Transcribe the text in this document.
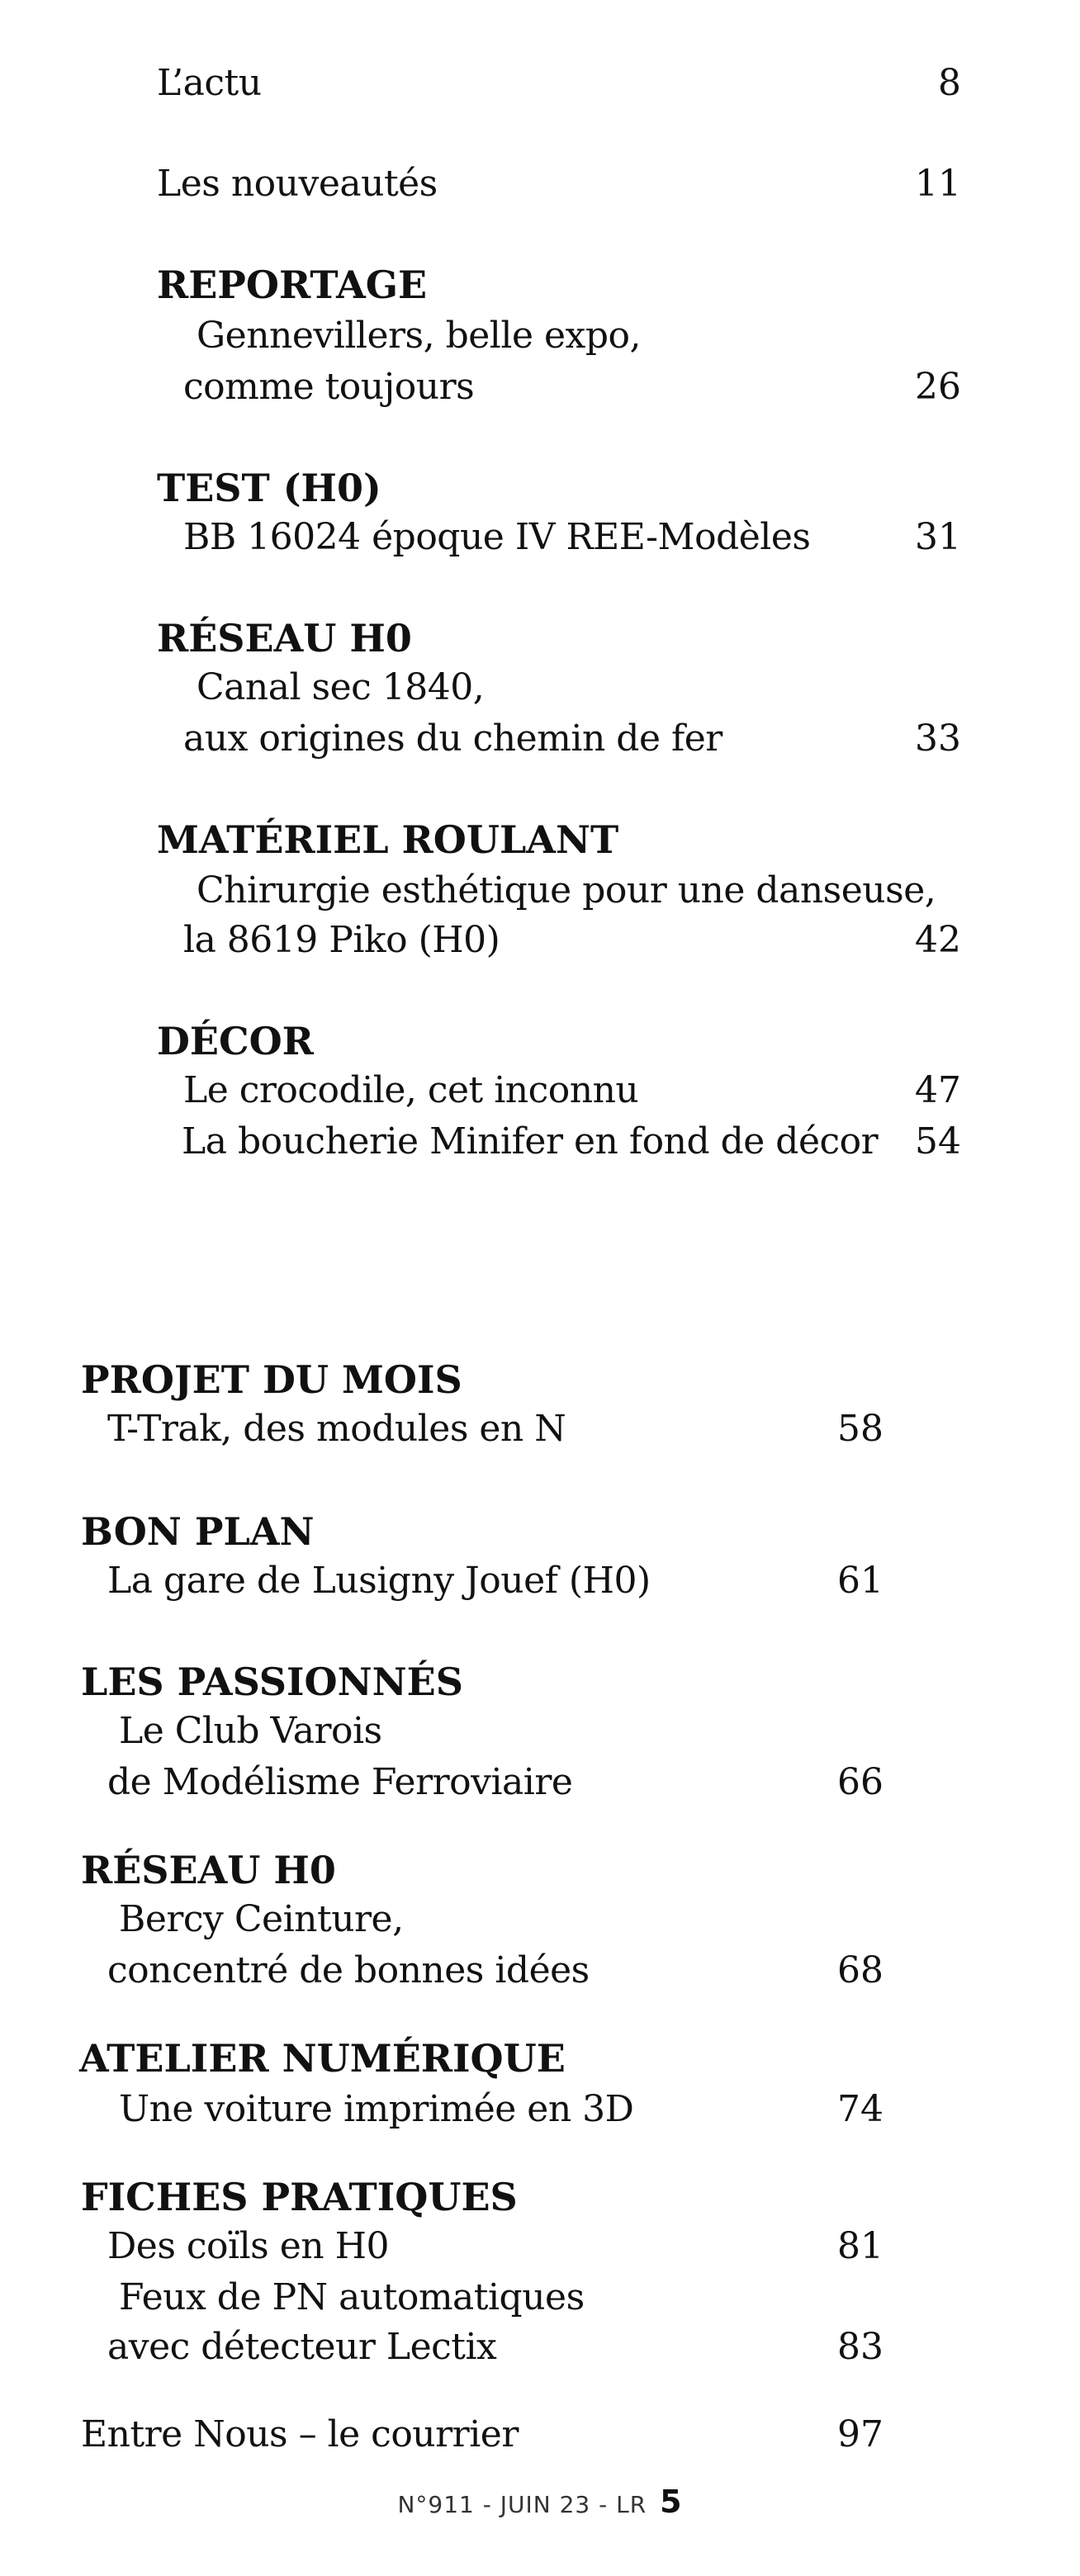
L’actu	8
Les nouveautés	11
REPORTAGE
Gennevillers, belle expo,
comme toujours	26
TEST (H0)
BB 16024 époque IV REE-Modèles	31
RÉSEAU H0
Canal sec 1840,
aux origines du chemin de fer	33
MATÉRIEL ROULANT
Chirurgie esthétique pour une danseuse,
la 8619 Piko (H0)	42
DÉCOR
Le crocodile, cet inconnu	47
La boucherie Minifer en fond de décor	54
PROJET DU MOIS
T-Trak, des modules en N	58
BON PLAN
La gare de Lusigny Jouef (H0)	61
LES PASSIONNÉS
Le Club Varois
de Modélisme Ferroviaire	66
RÉSEAU H0
Bercy Ceinture,
concentré de bonnes idées	68
ATELIER NUMÉRIQUE
Une voiture imprimée en 3D	74
FICHES PRATIQUES
Des coïls en H0	81
Feux de PN automatiques
avec détecteur Lectix	83
Entre Nous – le courrier	97
N°911 - JUIN 23 - LR 5
